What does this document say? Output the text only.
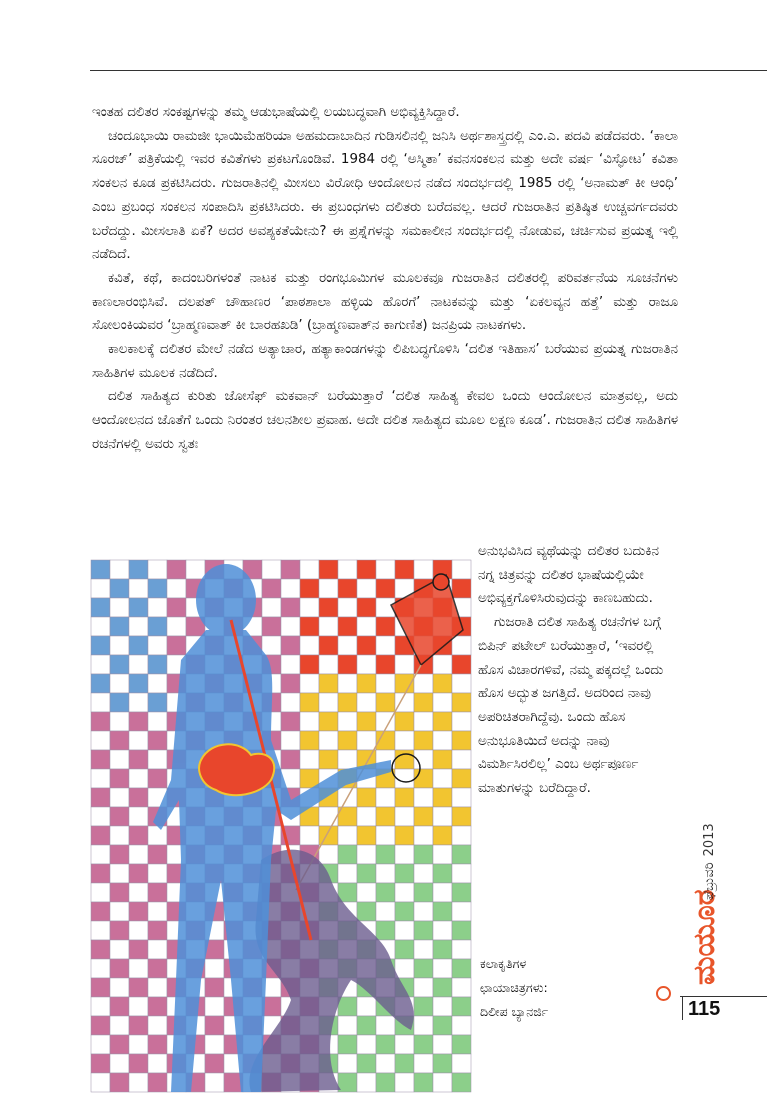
ಇಂತಹ ದಲಿತರ ಸಂಕಷ್ಟಗಳನ್ನು ತಮ್ಮ ಆಡುಭಾಷೆಯಲ್ಲಿ ಲಯಬದ್ಧವಾಗಿ ಅಭಿವ್ಯಕ್ತಿಸಿದ್ದಾರೆ.

ಚಂದೂಭಾಯಿ ರಾಮಜೀ ಭಾಯಿಮೆಹರಿಯಾ ಅಹಮದಾಬಾದಿನ ಗುಡಿಸಲಿನಲ್ಲಿ ಜನಿಸಿ ಅರ್ಥಶಾಸ್ತ್ರದಲ್ಲಿ ಎಂ.ಎ. ಪದವಿ ಪಡೆದವರು. ‘ಕಾಲಾ ಸೂರಜ್’ ಪತ್ರಿಕೆಯಲ್ಲಿ ಇವರ ಕವಿತೆಗಳು ಪ್ರಕಟಗೊಂಡಿವೆ. 1984 ರಲ್ಲಿ ‘ಅಸ್ಮಿತಾ’ ಕವನಸಂಕಲನ ಮತ್ತು ಅದೇ ವರ್ಷ ‘ವಿಸ್ಫೋಟ’ ಕವಿತಾ ಸಂಕಲನ ಕೂಡ ಪ್ರಕಟಿಸಿದರು. ಗುಜರಾತಿನಲ್ಲಿ ಮೀಸಲು ವಿರೋಧಿ ಆಂದೋಲನ ನಡೆದ ಸಂದರ್ಭದಲ್ಲಿ 1985 ರಲ್ಲಿ ‘ಅನಾಮತ್ ಕೀ ಆಂಧಿ’ ಎಂಬ ಪ್ರಬಂಧ ಸಂಕಲನ ಸಂಪಾದಿಸಿ ಪ್ರಕಟಿಸಿದರು. ಈ ಪ್ರಬಂಧಗಳು ದಲಿತರು ಬರೆದವಲ್ಲ. ಆದರೆ ಗುಜರಾತಿನ ಪ್ರತಿಷ್ಠಿತ ಉಚ್ಚವರ್ಗದವರು ಬರೆದದ್ದು. ಮೀಸಲಾತಿ ಏಕೆ? ಅದರ ಅವಶ್ಯಕತೆಯೇನು? ಈ ಪ್ರಶ್ನೆಗಳನ್ನು ಸಮಕಾಲೀನ ಸಂದರ್ಭದಲ್ಲಿ ನೋಡುವ, ಚರ್ಚಿಸುವ ಪ್ರಯತ್ನ ಇಲ್ಲಿ ನಡೆದಿದೆ.

ಕವಿತೆ, ಕಥೆ, ಕಾದಂಬರಿಗಳಂತೆ ನಾಟಕ ಮತ್ತು ರಂಗಭೂಮಿಗಳ ಮೂಲಕವೂ ಗುಜರಾತಿನ ದಲಿತರಲ್ಲಿ ಪರಿವರ್ತನೆಯ ಸೂಚನೆಗಳು ಕಾಣಲಾರಂಭಿಸಿವೆ. ದಲಪತ್ ಚೌಹಾಣರ ‘ಪಾಠಶಾಲಾ ಹಳ್ಳಿಯ ಹೊರಗೆ’ ನಾಟಕವನ್ನು ಮತ್ತು ‘ಏಕಲವ್ಯನ ಹತ್ತೆ’ ಮತ್ತು ರಾಜೂ ಸೋಲಂಕಿಯವರ ‘ಬ್ರಾಹ್ಮಣವಾತ್ ಕೀ ಬಾರಹಖಡಿ’ (ಬ್ರಾಹ್ಮಣವಾತ್‌ನ ಕಾಗುಣಿತ) ಜನಪ್ರಿಯ ನಾಟಕಗಳು.

ಕಾಲಕಾಲಕ್ಕೆ ದಲಿತರ ಮೇಲೆ ನಡೆದ ಅತ್ಯಾಚಾರ, ಹತ್ಯಾಕಾಂಡಗಳನ್ನು ಲಿಪಿಬದ್ಧಗೊಳಿಸಿ ‘ದಲಿತ ಇತಿಹಾಸ’ ಬರೆಯುವ ಪ್ರಯತ್ನ ಗುಜರಾತಿನ ಸಾಹಿತಿಗಳ ಮೂಲಕ ನಡೆದಿದೆ.

ದಲಿತ ಸಾಹಿತ್ಯದ ಕುರಿತು ಜೋಸೆಫ್ ಮಕವಾನ್ ಬರೆಯುತ್ತಾರೆ ‘ದಲಿತ ಸಾಹಿತ್ಯ ಕೇವಲ ಒಂದು ಆಂದೋಲನ ಮಾತ್ರವಲ್ಲ, ಅದು ಆಂದೋಲನದ ಜೊತೆಗೆ ಒಂದು ನಿರಂತರ ಚಲನಶೀಲ ಪ್ರವಾಹ. ಅದೇ ದಲಿತ ಸಾಹಿತ್ಯದ ಮೂಲ ಲಕ್ಷಣ ಕೂಡ’. ಗುಜರಾತಿನ ದಲಿತ ಸಾಹಿತಿಗಳ ರಚನೆಗಳಲ್ಲಿ ಅವರು ಸ್ವತಃ

ಅನುಭವಿಸಿದ ವ್ಯಥೆಯನ್ನು ದಲಿತರ ಬದುಕಿನ ನಗ್ನ ಚಿತ್ರವನ್ನು ದಲಿತರ ಭಾಷೆಯಲ್ಲಿಯೇ ಅಭಿವ್ಯಕ್ತಗೊಳಿಸಿರುವುದನ್ನು ಕಾಣಬಹುದು.

ಗುಜರಾತಿ ದಲಿತ ಸಾಹಿತ್ಯ ರಚನೆಗಳ ಬಗ್ಗೆ ಬಿಪಿನ್ ಪಟೇಲ್ ಬರೆಯುತ್ತಾರೆ, ‘ಇವರಲ್ಲಿ ಹೊಸ ವಿಚಾರಗಳಿವೆ, ನಮ್ಮ ಪಕ್ಕದಲ್ಲೆ ಒಂದು ಹೊಸ ಅದ್ಭುತ ಜಗತ್ತಿದೆ. ಅದರಿಂದ ನಾವು ಅಪರಿಚಿತರಾಗಿದ್ದೆವು. ಒಂದು ಹೊಸ ಅನುಭೂತಿಯಿದೆ ಅದನ್ನು ನಾವು ವಿಮರ್ಶಿಸಿರಲಿಲ್ಲ’ ಎಂಬ ಅರ್ಥಪೂರ್ಣ ಮಾತುಗಳನ್ನು ಬರೆದಿದ್ದಾರೆ.

ಕಲಾಕೃತಿಗಳ

ಛಾಯಾಚಿತ್ರಗಳು:

ದಿಲೀಪ ಬ್ಯಾನರ್ಜಿ

ಮಯೂರ
ಫೆಬ್ರುವರಿ2013
115
